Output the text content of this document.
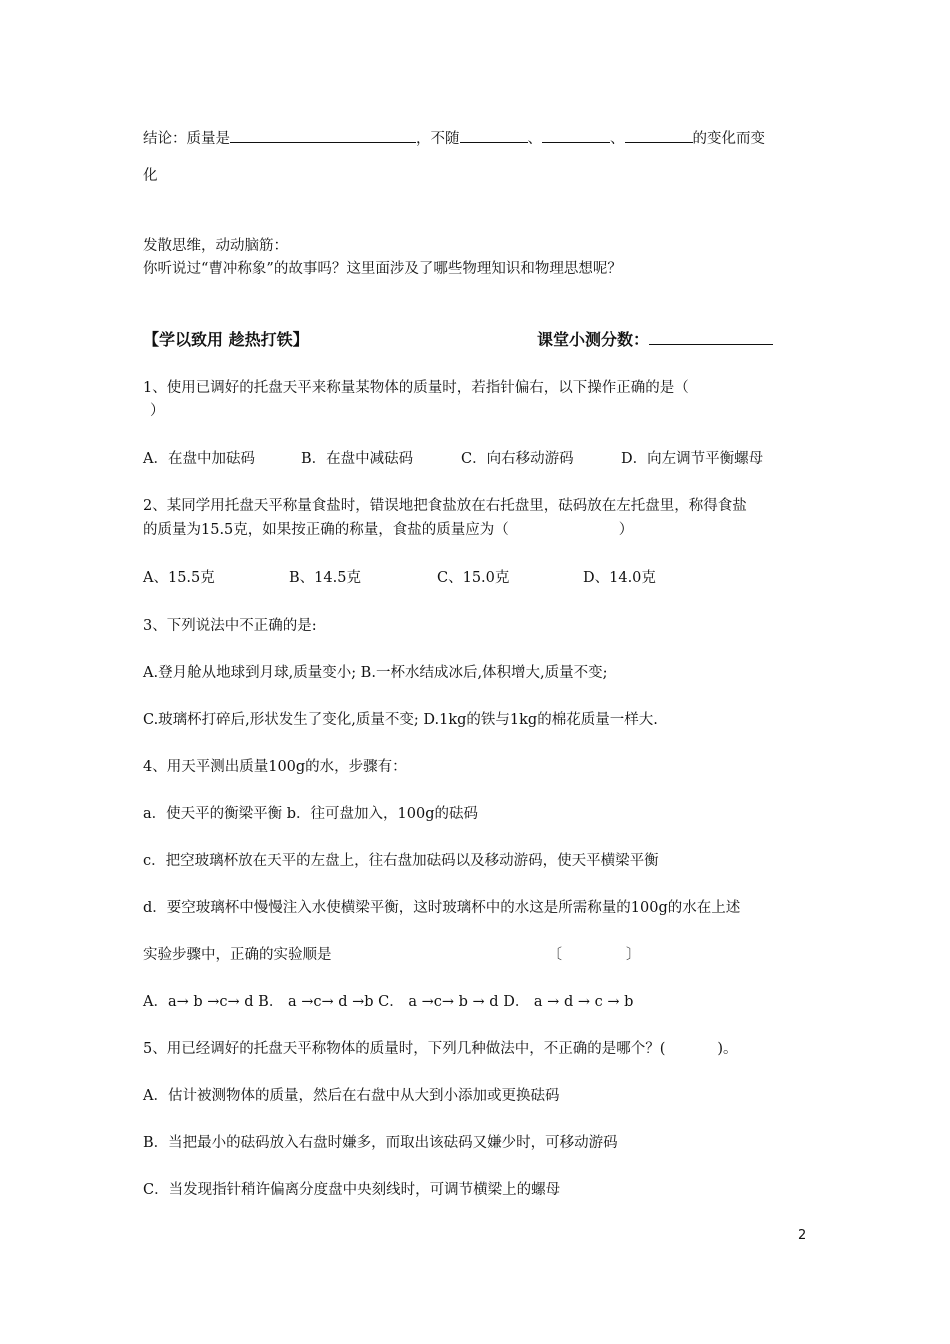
结论：质量是	，不随	、	、	的变化而变
化
发散思维，动动脑筋：
你听说过“曹冲称象”的故事吗？这里面涉及了哪些物理知识和物理思想呢？
【学以致用 趁热打铁】	课堂小测分数：
1、使用已调好的托盘天平来称量某物体的质量时，若指针偏右，以下操作正确的是（
）
A．在盘中加砝码	B．在盘中减砝码	C．向右移动游码	D．向左调节平衡螺母
2、某同学用托盘天平称量食盐时，错误地把食盐放在右托盘里，砝码放在左托盘里，称得食盐
的质量为15.5克，如果按正确的称量，食盐的质量应为（	）
A、15.5克	B、14.5克	C、15.0克	D、14.0克
3、下列说法中不正确的是:
A.登月舱从地球到月球,质量变小; B.一杯水结成冰后,体积增大,质量不变;
C.玻璃杯打碎后,形状发生了变化,质量不变; D.1kg的铁与1kg的棉花质量一样大.
4、用天平测出质量100g的水，步骤有：
a．使天平的衡梁平衡 b．往可盘加入，100g的砝码
c．把空玻璃杯放在天平的左盘上，往右盘加砝码以及移动游码，使天平横梁平衡
d．要空玻璃杯中慢慢注入水使横梁平衡，这时玻璃杯中的水这是所需称量的100g的水在上述
实验步骤中，正确的实验顺是	〔	〕
A．a→ b →c→ d B． a →c→ d →b C． a →c→ b → d D． a → d → c → b
5、用已经调好的托盘天平称物体的质量时，下列几种做法中，不正确的是哪个？(	)。
A．估计被测物体的质量，然后在右盘中从大到小添加或更换砝码
B．当把最小的砝码放入右盘时嫌多，而取出该砝码又嫌少时，可移动游码
C．当发现指针稍许偏离分度盘中央刻线时，可调节横梁上的螺母
2
